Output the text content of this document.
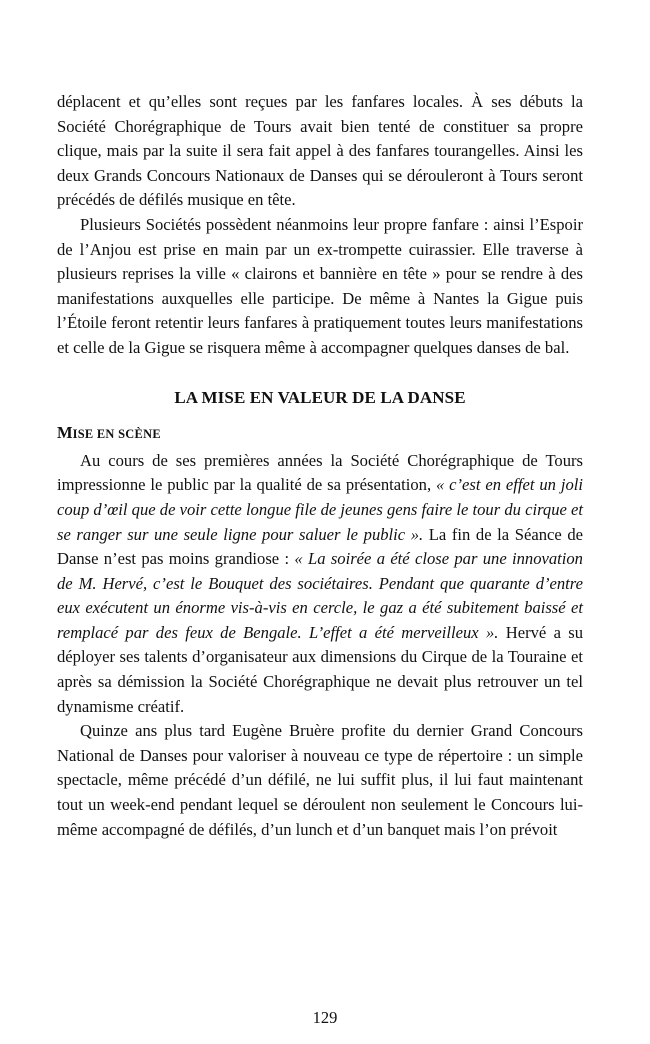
déplacent et qu’elles sont reçues par les fanfares locales. À ses débuts la Société Chorégraphique de Tours avait bien tenté de constituer sa propre clique, mais par la suite il sera fait appel à des fanfares tourangelles. Ainsi les deux Grands Concours Nationaux de Danses qui se dérouleront à Tours seront précédés de défilés musique en tête.

Plusieurs Sociétés possèdent néanmoins leur propre fanfare : ainsi l’Espoir de l’Anjou est prise en main par un ex-trompette cuirassier. Elle traverse à plusieurs reprises la ville « clairons et bannière en tête » pour se rendre à des manifestations auxquelles elle participe. De même à Nantes la Gigue puis l’Étoile feront retentir leurs fanfares à pratiquement toutes leurs manifestations et celle de la Gigue se risquera même à accompagner quelques danses de bal.

LA MISE EN VALEUR DE LA DANSE
MISE EN SCÈNE

Au cours de ses premières années la Société Chorégraphique de Tours impressionne le public par la qualité de sa présentation, « c’est en effet un joli coup d’œil que de voir cette longue file de jeunes gens faire le tour du cirque et se ranger sur une seule ligne pour saluer le public ». La fin de la Séance de Danse n’est pas moins grandiose : « La soirée a été close par une innovation de M. Hervé, c’est le Bouquet des sociétaires. Pendant que quarante d’entre eux exécutent un énorme vis-à-vis en cercle, le gaz a été subitement baissé et remplacé par des feux de Bengale. L’effet a été merveilleux ». Hervé a su déployer ses talents d’organisateur aux dimensions du Cirque de la Touraine et après sa démission la Société Chorégraphique ne devait plus retrouver un tel dynamisme créatif.

Quinze ans plus tard Eugène Bruère profite du dernier Grand Concours National de Danses pour valoriser à nouveau ce type de répertoire : un simple spectacle, même précédé d’un défilé, ne lui suffit plus, il lui faut maintenant tout un week-end pendant lequel se déroulent non seulement le Concours lui-même accompagné de défilés, d’un lunch et d’un banquet mais l’on prévoit

129
